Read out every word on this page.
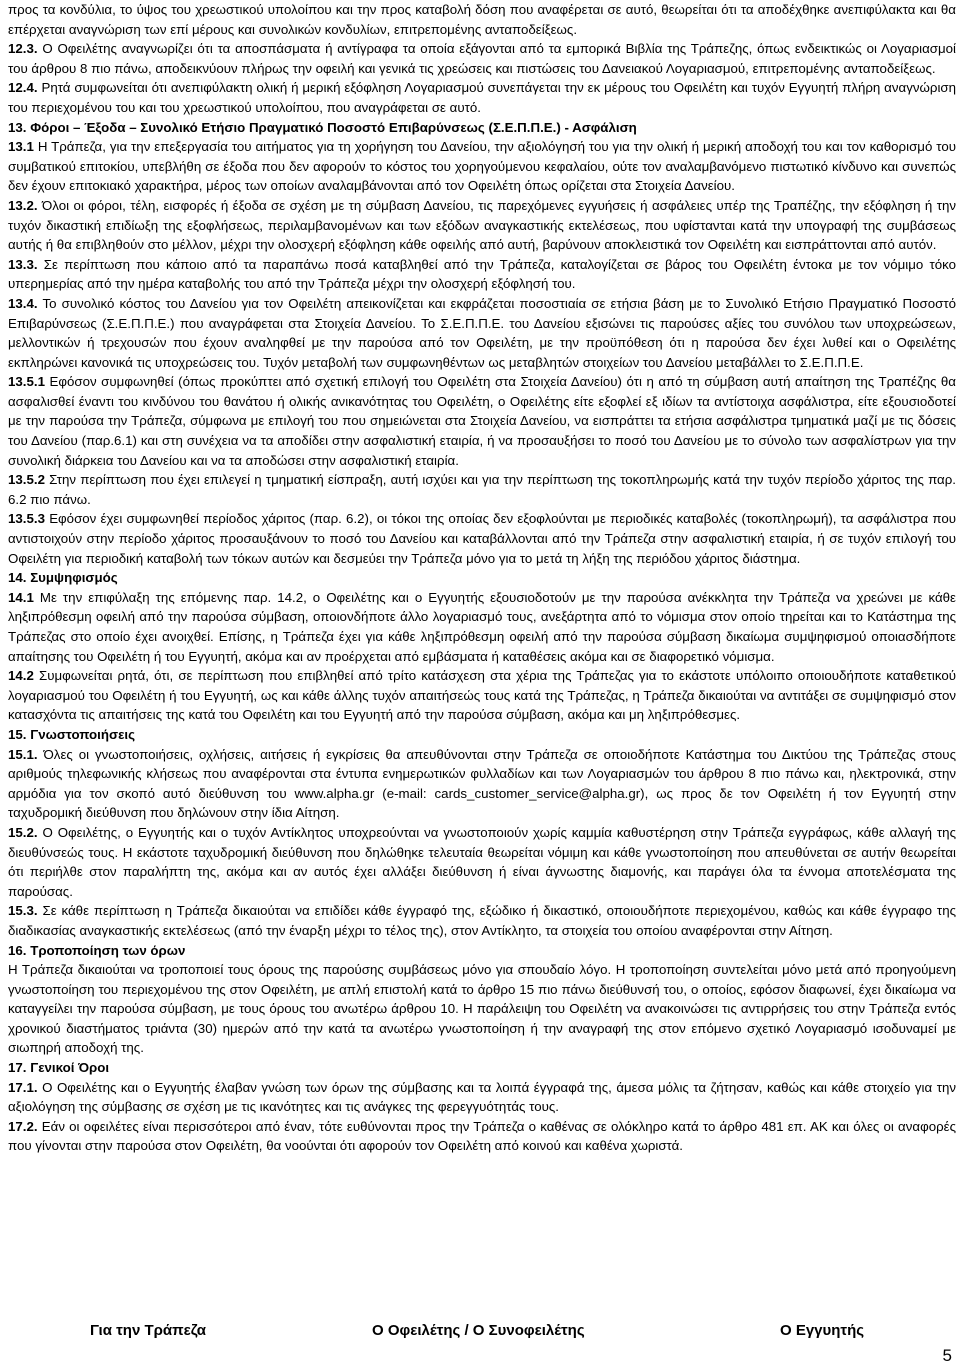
προς τα κονδύλια, το ύψος του χρεωστικού υπολοίπου και την προς καταβολή δόση που αναφέρεται σε αυτό, θεωρείται ότι τα αποδέχθηκε ανεπιφύλακτα και θα επέρχεται αναγνώριση των επί μέρους και συνολικών κονδυλίων, επιτρεπομένης ανταποδείξεως.

12.3. Ο Οφειλέτης αναγνωρίζει ότι τα αποσπάσματα ή αντίγραφα τα οποία εξάγονται από τα εμπορικά Βιβλία της Τράπεζης, όπως ενδεικτικώς οι Λογαριασμοί του άρθρου 8 πιο πάνω, αποδεικνύουν πλήρως την οφειλή και γενικά τις χρεώσεις και πιστώσεις του Δανειακού Λογαριασμού, επιτρεπομένης ανταποδείξεως.

12.4. Ρητά συμφωνείται ότι ανεπιφύλακτη ολική ή μερική εξόφληση Λογαριασμού συνεπάγεται την εκ μέρους του Οφειλέτη και τυχόν Εγγυητή πλήρη αναγνώριση του περιεχομένου του και του χρεωστικού υπολοίπου, που αναγράφεται σε αυτό.

13. Φόροι – Έξοδα – Συνολικό Ετήσιο Πραγματικό Ποσοστό Επιβαρύνσεως (Σ.Ε.Π.Π.Ε.) - Ασφάλιση

13.1 Η Τράπεζα, για την επεξεργασία του αιτήματος για τη χορήγηση του Δανείου, την αξιολόγησή του για την ολική ή μερική αποδοχή του και τον καθορισμό του συμβατικού επιτοκίου, υπεβλήθη σε έξοδα που δεν αφορούν το κόστος του χορηγούμενου κεφαλαίου, ούτε τον αναλαμβανόμενο πιστωτικό κίνδυνο και συνεπώς δεν έχουν επιτοκιακό χαρακτήρα, μέρος των οποίων αναλαμβάνονται από τον Οφειλέτη όπως ορίζεται στα Στοιχεία Δανείου.

13.2. Όλοι οι φόροι, τέλη, εισφορές ή έξοδα σε σχέση με τη σύμβαση Δανείου, τις παρεχόμενες εγγυήσεις ή ασφάλειες υπέρ της Τραπέζης, την εξόφληση ή την τυχόν δικαστική επιδίωξη της εξοφλήσεως, περιλαμβανομένων και των εξόδων αναγκαστικής εκτελέσεως, που υφίστανται κατά την υπογραφή της συμβάσεως αυτής ή θα επιβληθούν στο μέλλον, μέχρι την ολοσχερή εξόφληση κάθε οφειλής από αυτή, βαρύνουν αποκλειστικά τον Οφειλέτη και εισπράττονται από αυτόν.

13.3. Σε περίπτωση που κάποιο από τα παραπάνω ποσά καταβληθεί από την Τράπεζα, καταλογίζεται σε βάρος του Οφειλέτη έντοκα με τον νόμιμο τόκο υπερημερίας από την ημέρα καταβολής του από την Τράπεζα μέχρι την ολοσχερή εξόφλησή του.

13.4. Το συνολικό κόστος του Δανείου για τον Οφειλέτη απεικονίζεται και εκφράζεται ποσοστιαία σε ετήσια βάση με το Συνολικό Ετήσιο Πραγματικό Ποσοστό Επιβαρύνσεως (Σ.Ε.Π.Π.Ε.) που αναγράφεται στα Στοιχεία Δανείου. Το Σ.Ε.Π.Π.Ε. του Δανείου εξισώνει τις παρούσες αξίες του συνόλου των υποχρεώσεων, μελλοντικών ή τρεχουσών που έχουν αναληφθεί με την παρούσα από τον Οφειλέτη, με την προϋπόθεση ότι η παρούσα δεν έχει λυθεί και ο Οφειλέτης εκπληρώνει κανονικά τις υποχρεώσεις του. Τυχόν μεταβολή των συμφωνηθέντων ως μεταβλητών στοιχείων του Δανείου μεταβάλλει το Σ.Ε.Π.Π.Ε.

13.5.1 Εφόσον συμφωνηθεί (όπως προκύπτει από σχετική επιλογή του Οφειλέτη στα Στοιχεία Δανείου) ότι η από τη σύμβαση αυτή απαίτηση της Τραπέζης θα ασφαλισθεί έναντι του κινδύνου του θανάτου ή ολικής ανικανότητας του Οφειλέτη, ο Οφειλέτης είτε εξοφλεί εξ ιδίων τα αντίστοιχα ασφάλιστρα, είτε εξουσιοδοτεί με την παρούσα την Τράπεζα, σύμφωνα με επιλογή του που σημειώνεται στα Στοιχεία Δανείου, να εισπράττει τα ετήσια ασφάλιστρα τμηματικά μαζί με τις δόσεις του Δανείου (παρ.6.1) και στη συνέχεια να τα αποδίδει στην ασφαλιστική εταιρία, ή να προσαυξήσει το ποσό του Δανείου με το σύνολο των ασφαλίστρων για την συνολική διάρκεια του Δανείου και να τα αποδώσει στην ασφαλιστική εταιρία.

13.5.2 Στην περίπτωση που έχει επιλεγεί η τμηματική είσπραξη, αυτή ισχύει και για την περίπτωση της τοκοπληρωμής κατά την τυχόν περίοδο χάριτος της παρ. 6.2 πιο πάνω.

13.5.3 Εφόσον έχει συμφωνηθεί περίοδος χάριτος (παρ. 6.2), οι τόκοι της οποίας δεν εξοφλούνται με περιοδικές καταβολές (τοκοπληρωμή), τα ασφάλιστρα που αντιστοιχούν στην περίοδο χάριτος προσαυξάνουν το ποσό του Δανείου και καταβάλλονται από την Τράπεζα στην ασφαλιστική εταιρία, ή σε τυχόν επιλογή του Οφειλέτη για περιοδική καταβολή των τόκων αυτών και δεσμεύει την Τράπεζα μόνο για το μετά τη λήξη της περιόδου χάριτος διάστημα.

14. Συμψηφισμός

14.1 Με την επιφύλαξη της επόμενης παρ. 14.2, ο Οφειλέτης και ο Εγγυητής εξουσιοδοτούν με την παρούσα ανέκκλητα την Τράπεζα να χρεώνει με κάθε ληξιπρόθεσμη οφειλή από την παρούσα σύμβαση, οποιονδήποτε άλλο λογαριασμό τους, ανεξάρτητα από το νόμισμα στον οποίο τηρείται και το Κατάστημα της Τράπεζας στο οποίο έχει ανοιχθεί. Επίσης, η Τράπεζα έχει για κάθε ληξιπρόθεσμη οφειλή από την παρούσα σύμβαση δικαίωμα συμψηφισμού οποιασδήποτε απαίτησης του Οφειλέτη ή του Εγγυητή, ακόμα και αν προέρχεται από εμβάσματα ή καταθέσεις ακόμα και σε διαφορετικό νόμισμα.

14.2 Συμφωνείται ρητά, ότι, σε περίπτωση που επιβληθεί από τρίτο κατάσχεση στα χέρια της Τράπεζας για το εκάστοτε υπόλοιπο οποιουδήποτε καταθετικού λογαριασμού του Οφειλέτη ή του Εγγυητή, ως και κάθε άλλης τυχόν απαιτήσεώς τους κατά της Τράπεζας, η Τράπεζα δικαιούται να αντιτάξει σε συμψηφισμό στον κατασχόντα τις απαιτήσεις της κατά του Οφειλέτη και του Εγγυητή από την παρούσα σύμβαση, ακόμα και μη ληξιπρόθεσμες.

15. Γνωστοποιήσεις

15.1. Όλες οι γνωστοποιήσεις, οχλήσεις, αιτήσεις ή εγκρίσεις θα απευθύνονται στην Τράπεζα σε οποιοδήποτε Κατάστημα του Δικτύου της Τράπεζας στους αριθμούς τηλεφωνικής κλήσεως που αναφέρονται στα έντυπα ενημερωτικών φυλλαδίων και των Λογαριασμών του άρθρου 8 πιο πάνω και, ηλεκτρονικά, στην αρμόδια για τον σκοπό αυτό διεύθυνση του www.alpha.gr (e-mail: cards_customer_service@alpha.gr), ως προς δε τον Οφειλέτη ή τον Εγγυητή στην ταχυδρομική διεύθυνση που δηλώνουν στην ίδια Αίτηση.

15.2. Ο Οφειλέτης, ο Εγγυητής και ο τυχόν Αντίκλητος υποχρεούνται να γνωστοποιούν χωρίς καμμία καθυστέρηση στην Τράπεζα εγγράφως, κάθε αλλαγή της διευθύνσεώς τους. Η εκάστοτε ταχυδρομική διεύθυνση που δηλώθηκε τελευταία θεωρείται νόμιμη και κάθε γνωστοποίηση που απευθύνεται σε αυτήν θεωρείται ότι περιήλθε στον παραλήπτη της, ακόμα και αν αυτός έχει αλλάξει διεύθυνση ή είναι άγνωστης διαμονής, και παράγει όλα τα έννομα αποτελέσματα της παρούσας.

15.3. Σε κάθε περίπτωση η Τράπεζα δικαιούται να επιδίδει κάθε έγγραφό της, εξώδικο ή δικαστικό, οποιουδήποτε περιεχομένου, καθώς και κάθε έγγραφο της διαδικασίας αναγκαστικής εκτελέσεως (από την έναρξη μέχρι το τέλος της), στον Αντίκλητο, τα στοιχεία του οποίου αναφέρονται στην Αίτηση.

16. Τροποποίηση των όρων

Η Τράπεζα δικαιούται να τροποποιεί τους όρους της παρούσης συμβάσεως μόνο για σπουδαίο λόγο. Η τροποποίηση συντελείται μόνο μετά από προηγούμενη γνωστοποίηση του περιεχομένου της στον Οφειλέτη, με απλή επιστολή κατά το άρθρο 15 πιο πάνω διεύθυνσή του, ο οποίος, εφόσον διαφωνεί, έχει δικαίωμα να καταγγείλει την παρούσα σύμβαση, με τους όρους του ανωτέρω άρθρου 10. Η παράλειψη του Οφειλέτη να ανακοινώσει τις αντιρρήσεις του στην Τράπεζα εντός χρονικού διαστήματος τριάντα (30) ημερών από την κατά τα ανωτέρω γνωστοποίηση ή την αναγραφή της στον επόμενο σχετικό Λογαριασμό ισοδυναμεί με σιωπηρή αποδοχή της.

17. Γενικοί Όροι

17.1. Ο Οφειλέτης και ο Εγγυητής έλαβαν γνώση των όρων της σύμβασης και τα λοιπά έγγραφά της, άμεσα μόλις τα ζήτησαν, καθώς και κάθε στοιχείο για την αξιολόγηση της σύμβασης σε σχέση με τις ικανότητες και τις ανάγκες της φερεγγυότητάς τους.

17.2. Εάν οι οφειλέτες είναι περισσότεροι από έναν, τότε ευθύνονται προς την Τράπεζα ο καθένας σε ολόκληρο κατά το άρθρο 481 επ. ΑΚ και όλες οι αναφορές που γίνονται στην παρούσα στον Οφειλέτη, θα νοούνται ότι αφορούν τον Οφειλέτη από κοινού και καθένα χωριστά.

Για την Τράπεζα	Ο Οφειλέτης / Ο Συνοφειλέτης	Ο Εγγυητής
5
